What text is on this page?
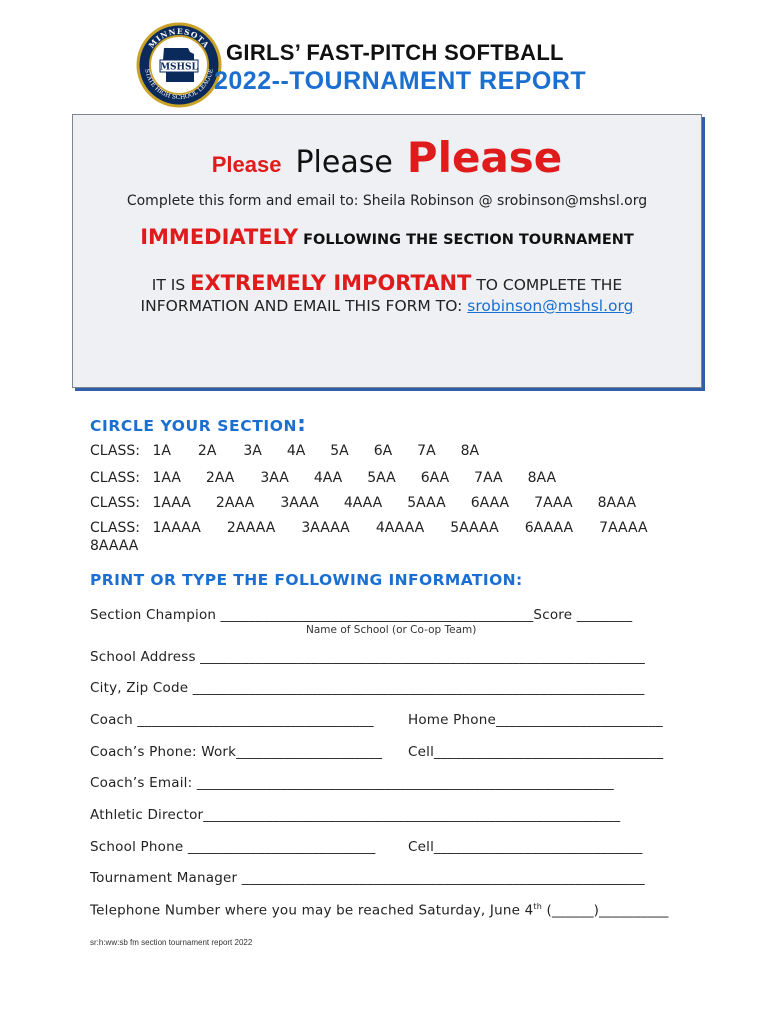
MSHSL
MINNESOTA
STATE HIGH SCHOOL LEAGUE
GIRLS’ FAST-PITCH SOFTBALL
2022--TOURNAMENT REPORT
Please Please Please
Complete this form and email to: Sheila Robinson @ srobinson@mshsl.org
IMMEDIATELY FOLLOWING THE SECTION TOURNAMENT
IT IS EXTREMELY IMPORTANT TO COMPLETE THE
INFORMATION AND EMAIL THIS FORM TO: srobinson@mshsl.org
CIRCLE YOUR SECTION:
CLASS: 1A 2A 3A 4A 5A 6A 7A 8A
CLASS: 1AA 2AA 3AA 4AA 5AA 6AA 7AA 8AA
CLASS: 1AAA 2AAA 3AAA 4AAA 5AAA 6AAA 7AAA 8AAA
CLASS: 1AAAA 2AAAA 3AAAA 4AAAA 5AAAA 6AAAA 7AAAA
8AAAA
PRINT OR TYPE THE FOLLOWING INFORMATION:
Section Champion _____________________________________________Score ________
Name of School (or Co-op Team)
School Address ________________________________________________________________
City, Zip Code _________________________________________________________________
Coach __________________________________	Home Phone________________________
Coach’s Phone: Work_____________________ Cell_________________________________
Coach’s Email: ____________________________________________________________
Athletic Director____________________________________________________________
School Phone ___________________________ Cell______________________________
Tournament Manager __________________________________________________________
Telephone Number where you may be reached Saturday, June 4th (______)__________
sr:h:ww:sb fm section tournament report 2022
